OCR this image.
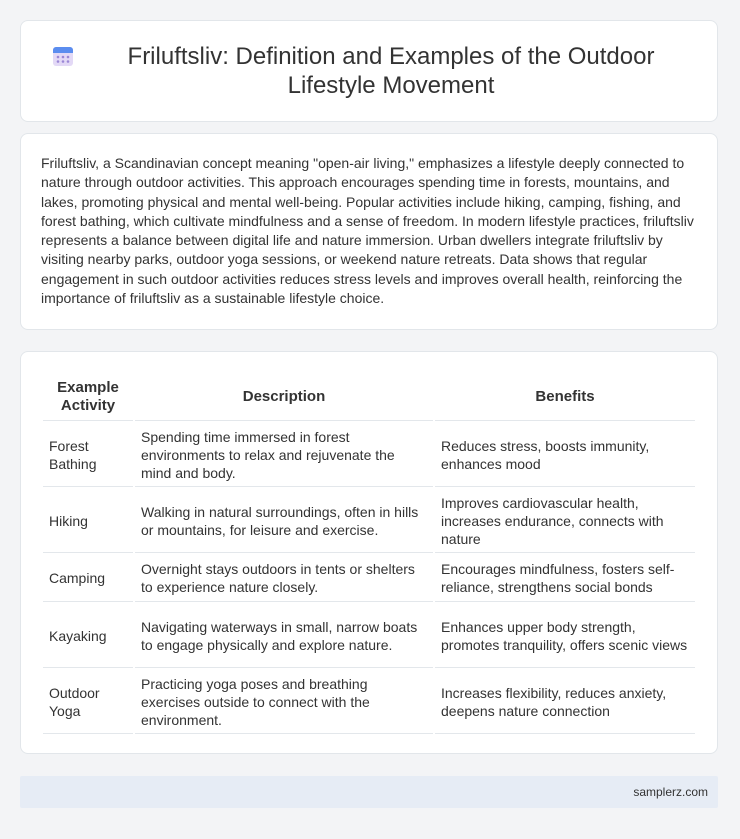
Friluftsliv: Definition and Examples of the Outdoor Lifestyle Movement

Friluftsliv, a Scandinavian concept meaning "open-air living," emphasizes a lifestyle deeply connected to nature through outdoor activities. This approach encourages spending time in forests, mountains, and lakes, promoting physical and mental well-being. Popular activities include hiking, camping, fishing, and forest bathing, which cultivate mindfulness and a sense of freedom. In modern lifestyle practices, friluftsliv represents a balance between digital life and nature immersion. Urban dwellers integrate friluftsliv by visiting nearby parks, outdoor yoga sessions, or weekend nature retreats. Data shows that regular engagement in such outdoor activities reduces stress levels and improves overall health, reinforcing the importance of friluftsliv as a sustainable lifestyle choice.

Example Activity	Description	Benefits
Forest Bathing	Spending time immersed in forest environments to relax and rejuvenate the mind and body.	Reduces stress, boosts immunity, enhances mood
Hiking	Walking in natural surroundings, often in hills or mountains, for leisure and exercise.	Improves cardiovascular health, increases endurance, connects with nature
Camping	Overnight stays outdoors in tents or shelters to experience nature closely.	Encourages mindfulness, fosters self-reliance, strengthens social bonds
Kayaking	Navigating waterways in small, narrow boats to engage physically and explore nature.	Enhances upper body strength, promotes tranquility, offers scenic views
Outdoor Yoga	Practicing yoga poses and breathing exercises outside to connect with the environment.	Increases flexibility, reduces anxiety, deepens nature connection
samplerz.com
